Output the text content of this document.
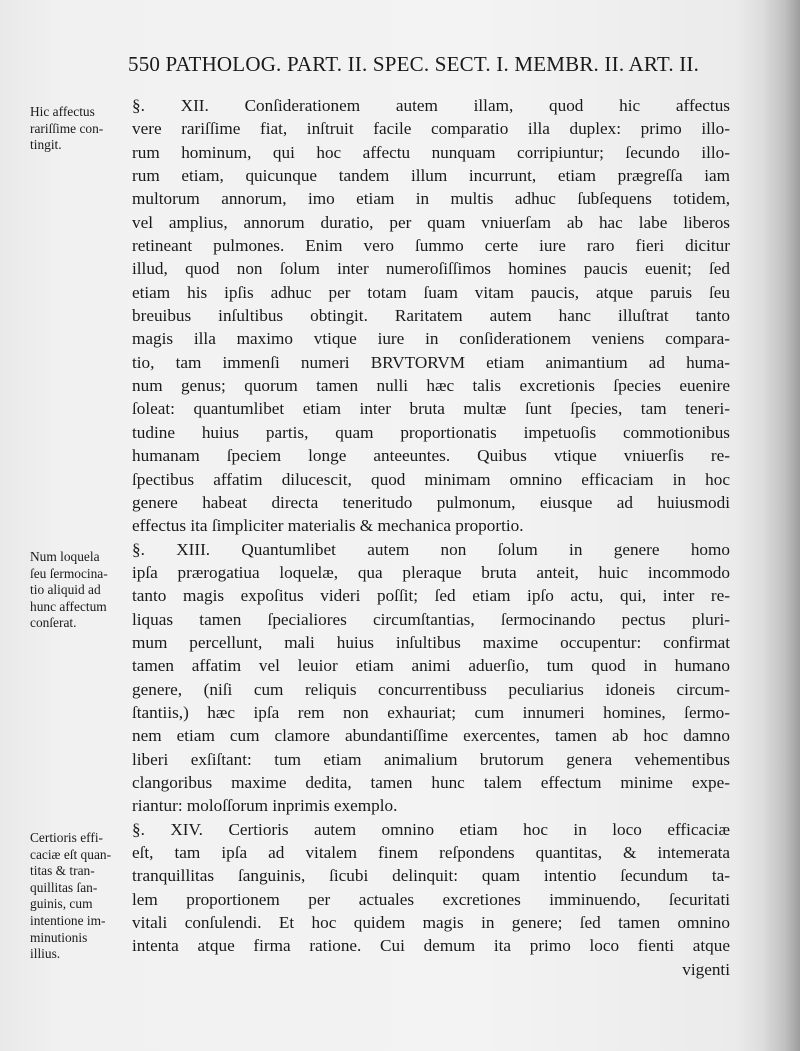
550 PATHOLOG. PART. II. SPEC. SECT. I. MEMBR. II. ART. II.
Hic affectus
rariſſime con-
tingit.
Num loquela
ſeu ſermocina-
tio aliquid ad
hunc affectum
conſerat.
Certioris effi-
caciæ eſt quan-
titas & tran-
quillitas ſan-
guinis, cum
intentione im-
minutionis
illius.
§. XII. Conſiderationem autem illam, quod hic affectus
vere rariſſime fiat, inſtruit facile comparatio illa duplex: primo illo-
rum hominum, qui hoc affectu nunquam corripiuntur; ſecundo illo-
rum etiam, quicunque tandem illum incurrunt, etiam prægreſſa iam
multorum annorum, imo etiam in multis adhuc ſubſequens totidem,
vel amplius, annorum duratio, per quam vniuerſam ab hac labe liberos
retineant pulmones. Enim vero ſummo certe iure raro fieri dicitur
illud, quod non ſolum inter numeroſiſſimos homines paucis euenit; ſed
etiam his ipſis adhuc per totam ſuam vitam paucis, atque paruis ſeu
breuibus inſultibus obtingit. Raritatem autem hanc illuſtrat tanto
magis illa maximo vtique iure in conſiderationem veniens compara-
tio, tam immenſi numeri BRVTORVM etiam animantium ad huma-
num genus; quorum tamen nulli hæc talis excretionis ſpecies euenire
ſoleat: quantumlibet etiam inter bruta multæ ſunt ſpecies, tam teneri-
tudine huius partis, quam proportionatis impetuoſis commotionibus
humanam ſpeciem longe anteeuntes. Quibus vtique vniuerſis re-
ſpectibus affatim dilucescit, quod minimam omnino efficaciam in hoc
genere habeat directa teneritudo pulmonum, eiusque ad huiusmodi
effectus ita ſimpliciter materialis & mechanica proportio.
§. XIII. Quantumlibet autem non ſolum in genere homo
ipſa prærogatiua loquelæ, qua pleraque bruta anteit, huic incommodo
tanto magis expoſitus videri poſſit; ſed etiam ipſo actu, qui, inter re-
liquas tamen ſpecialiores circumſtantias, ſermocinando pectus pluri-
mum percellunt, mali huius inſultibus maxime occupentur: confirmat
tamen affatim vel leuior etiam animi aduerſio, tum quod in humano
genere, (niſi cum reliquis concurrentibuss peculiarius idoneis circum-
ſtantiis,) hæc ipſa rem non exhauriat; cum innumeri homines, ſermo-
nem etiam cum clamore abundantiſſime exercentes, tamen ab hoc damno
liberi exſiſtant: tum etiam animalium brutorum genera vehementibus
clangoribus maxime dedita, tamen hunc talem effectum minime expe-
riantur: moloſſorum inprimis exemplo.
§. XIV. Certioris autem omnino etiam hoc in loco efficaciæ
eſt, tam ipſa ad vitalem finem reſpondens quantitas, & intemerata
tranquillitas ſanguinis, ſicubi delinquit: quam intentio ſecundum ta-
lem proportionem per actuales excretiones imminuendo, ſecuritati
vitali conſulendi. Et hoc quidem magis in genere; ſed tamen omnino
intenta atque firma ratione. Cui demum ita primo loco fienti atque
vigenti
